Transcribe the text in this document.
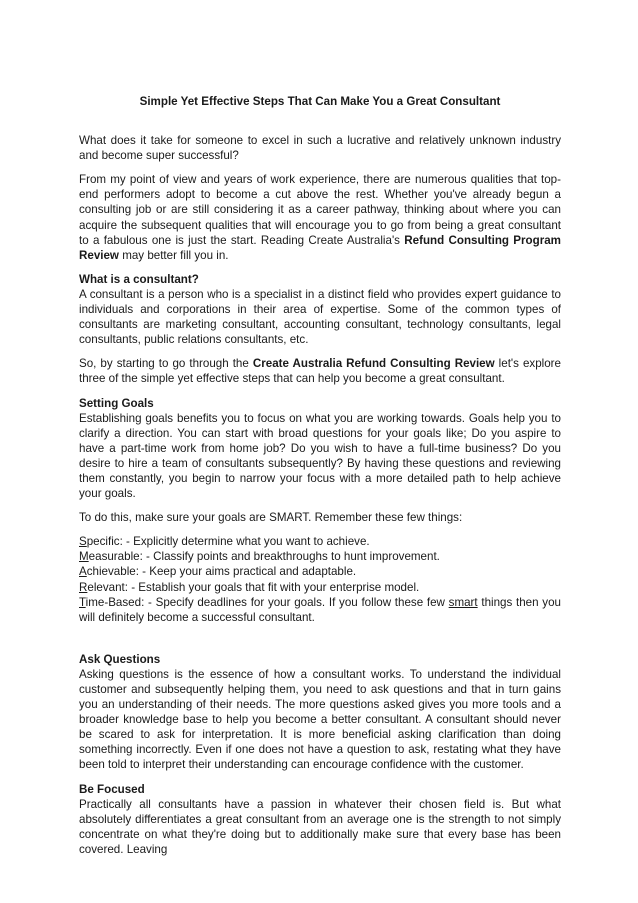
Simple Yet Effective Steps That Can Make You a Great Consultant

What does it take for someone to excel in such a lucrative and relatively unknown industry and become super successful?

From my point of view and years of work experience, there are numerous qualities that top-end performers adopt to become a cut above the rest. Whether you've already begun a consulting job or are still considering it as a career pathway, thinking about where you can acquire the subsequent qualities that will encourage you to go from being a great consultant to a fabulous one is just the start. Reading Create Australia's Refund Consulting Program Review may better fill you in.

What is a consultant?
A consultant is a person who is a specialist in a distinct field who provides expert guidance to individuals and corporations in their area of expertise. Some of the common types of consultants are marketing consultant, accounting consultant, technology consultants, legal consultants, public relations consultants, etc.

So, by starting to go through the Create Australia Refund Consulting Review let's explore three of the simple yet effective steps that can help you become a great consultant.

Setting Goals
Establishing goals benefits you to focus on what you are working towards. Goals help you to clarify a direction. You can start with broad questions for your goals like; Do you aspire to have a part-time work from home job? Do you wish to have a full-time business? Do you desire to hire a team of consultants subsequently? By having these questions and reviewing them constantly, you begin to narrow your focus with a more detailed path to help achieve your goals.

To do this, make sure your goals are SMART. Remember these few things:

Specific: - Explicitly determine what you want to achieve.
Measurable: - Classify points and breakthroughs to hunt improvement.
Achievable: - Keep your aims practical and adaptable.
Relevant: - Establish your goals that fit with your enterprise model.
Time-Based: - Specify deadlines for your goals. If you follow these few smart things then you will definitely become a successful consultant.

Ask Questions
Asking questions is the essence of how a consultant works. To understand the individual customer and subsequently helping them, you need to ask questions and that in turn gains you an understanding of their needs. The more questions asked gives you more tools and a broader knowledge base to help you become a better consultant. A consultant should never be scared to ask for interpretation. It is more beneficial asking clarification than doing something incorrectly. Even if one does not have a question to ask, restating what they have been told to interpret their understanding can encourage confidence with the customer.

Be Focused
Practically all consultants have a passion in whatever their chosen field is. But what absolutely differentiates a great consultant from an average one is the strength to not simply concentrate on what they're doing but to additionally make sure that every base has been covered. Leaving
